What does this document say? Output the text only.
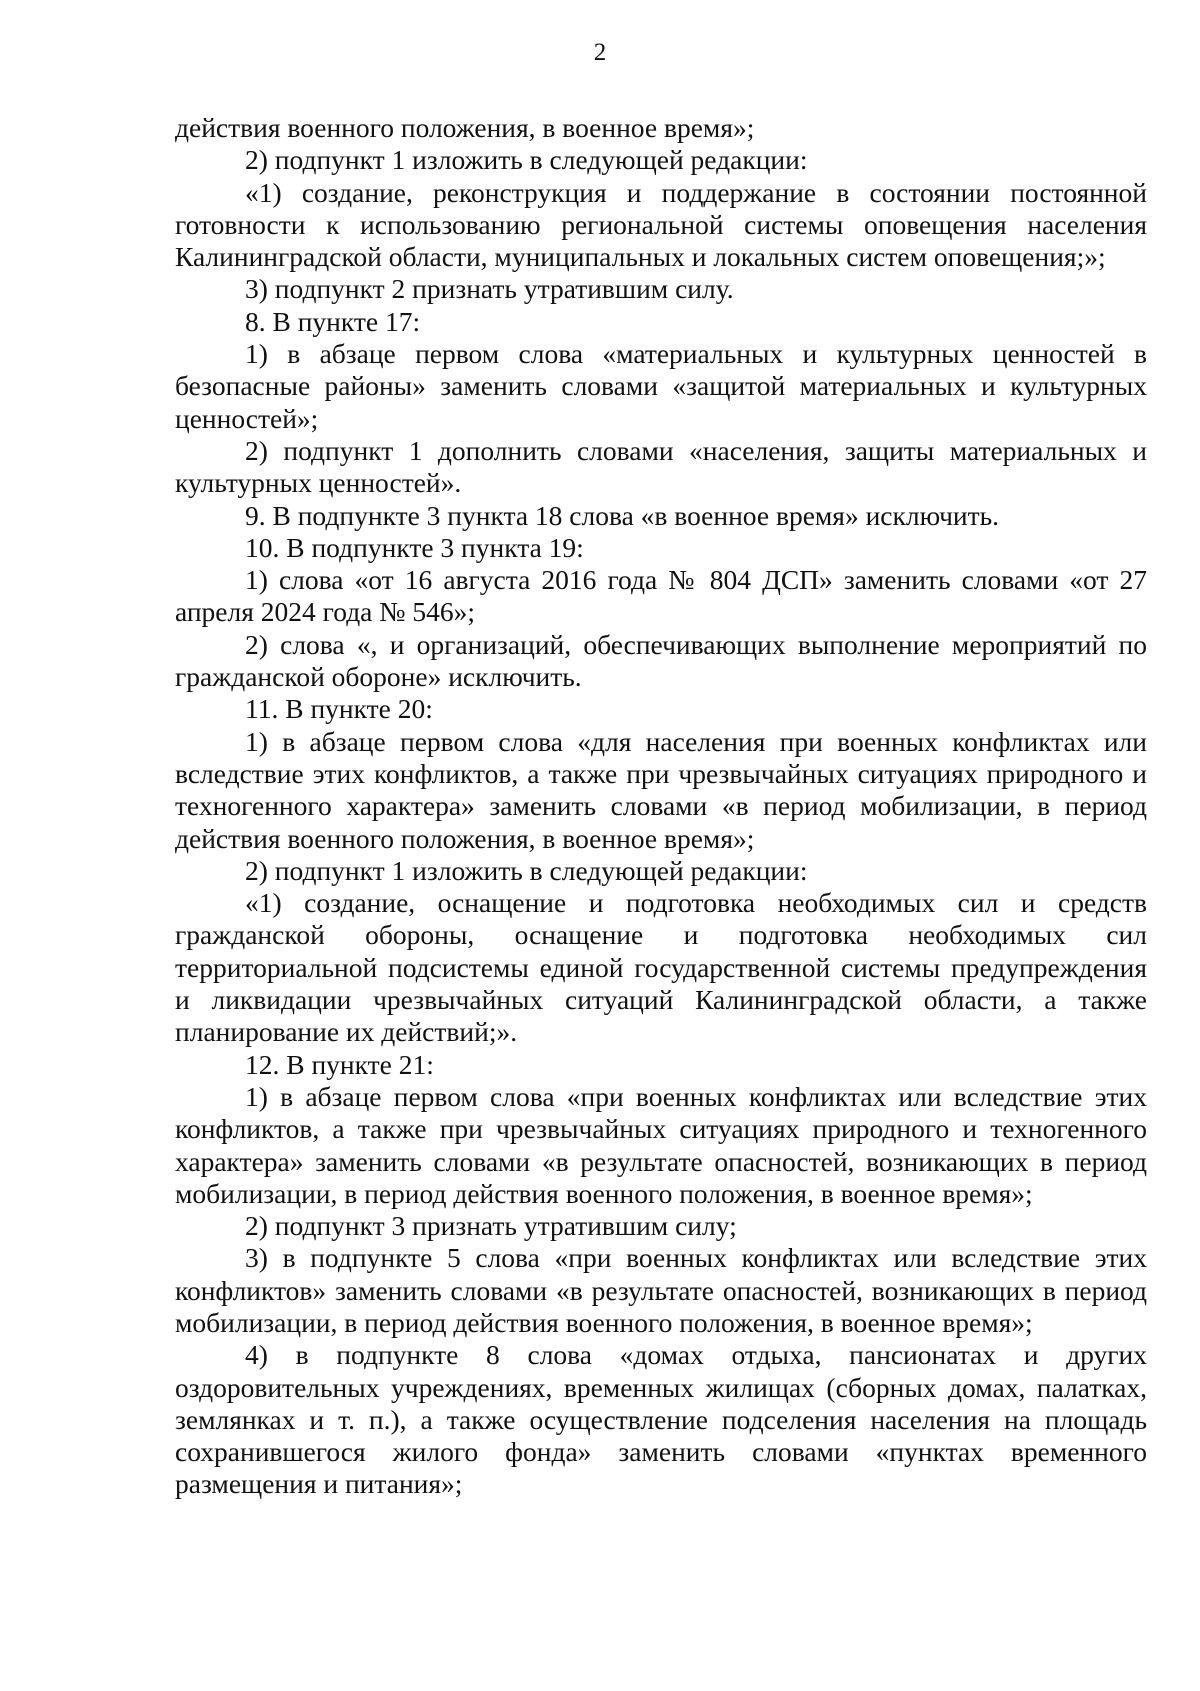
2

действия военного положения, в военное время»;

2) подпункт 1 изложить в следующей редакции:

«1) создание, реконструкция и поддержание в состоянии постоянной готовности к использованию региональной системы оповещения населения Калининградской области, муниципальных и локальных систем оповещения;»;

3) подпункт 2 признать утратившим силу.

8. В пункте 17:

1) в абзаце первом слова «материальных и культурных ценностей в безопасные районы» заменить словами «защитой материальных и культурных ценностей»;

2) подпункт 1 дополнить словами «населения, защиты материальных и культурных ценностей».

9. В подпункте 3 пункта 18 слова «в военное время» исключить.

10. В подпункте 3 пункта 19:

1) слова «от 16 августа 2016 года № 804 ДСП» заменить словами «от 27 апреля 2024 года № 546»;

2) слова «, и организаций, обеспечивающих выполнение мероприятий по гражданской обороне» исключить.

11. В пункте 20:

1) в абзаце первом слова «для населения при военных конфликтах или вследствие этих конфликтов, а также при чрезвычайных ситуациях природного и техногенного характера» заменить словами «в период мобилизации, в период действия военного положения, в военное время»;

2) подпункт 1 изложить в следующей редакции:

«1) создание, оснащение и подготовка необходимых сил и средств гражданской обороны, оснащение и подготовка необходимых сил территориальной подсистемы единой государственной системы предупреждения и ликвидации чрезвычайных ситуаций Калининградской области, а также планирование их действий;».

12. В пункте 21:

1) в абзаце первом слова «при военных конфликтах или вследствие этих конфликтов, а также при чрезвычайных ситуациях природного и техногенного характера» заменить словами «в результате опасностей, возникающих в период мобилизации, в период действия военного положения, в военное время»;

2) подпункт 3 признать утратившим силу;

3) в подпункте 5 слова «при военных конфликтах или вследствие этих конфликтов» заменить словами «в результате опасностей, возникающих в период мобилизации, в период действия военного положения, в военное время»;

4) в подпункте 8 слова «домах отдыха, пансионатах и других оздоровительных учреждениях, временных жилищах (сборных домах, палатках, землянках и т. п.), а также осуществление подселения населения на площадь сохранившегося жилого фонда» заменить словами «пунктах временного размещения и питания»;
